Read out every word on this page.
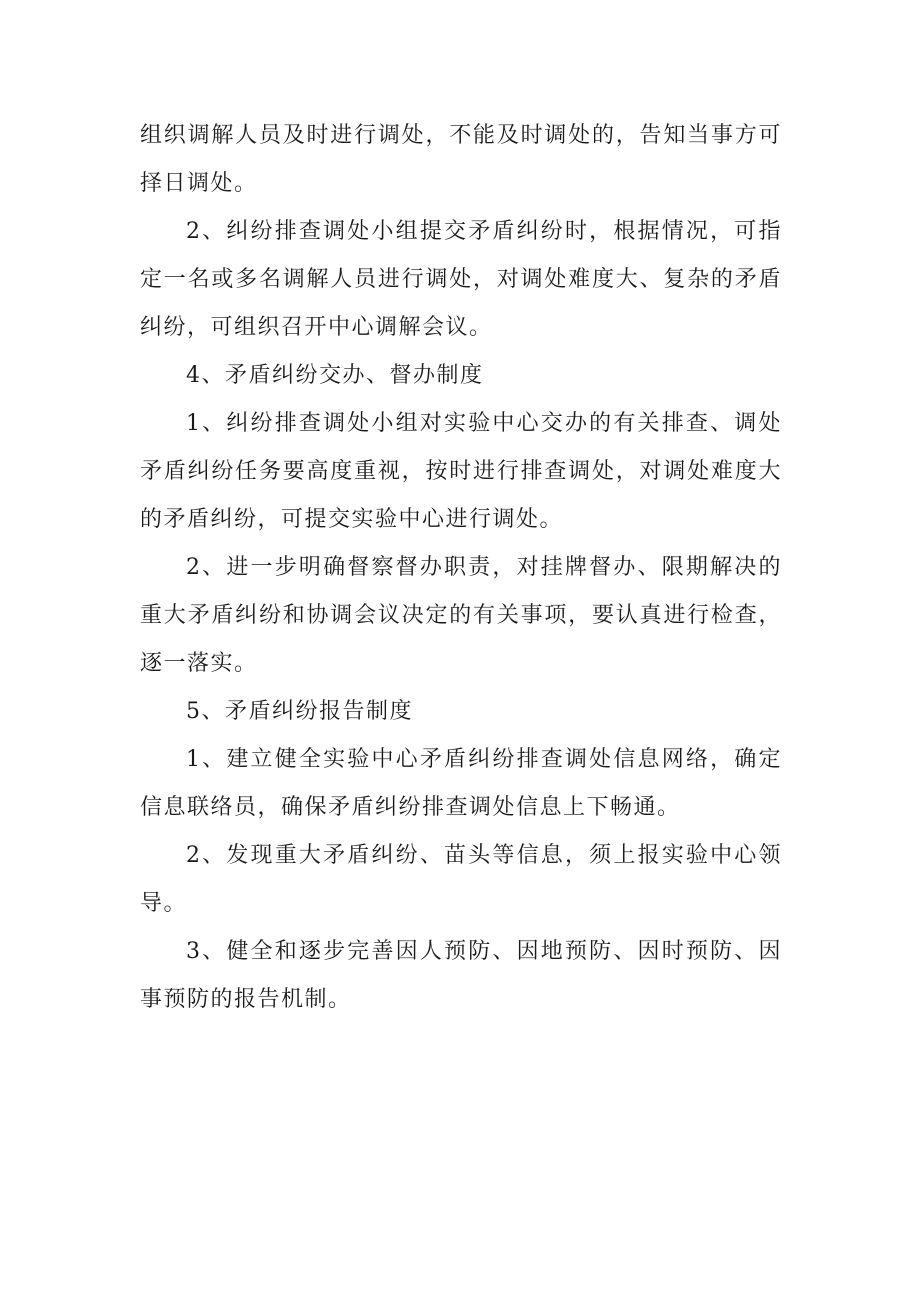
组织调解人员及时进行调处，不能及时调处的，告知当事方可择日调处。

2、纠纷排查调处小组提交矛盾纠纷时，根据情况，可指定一名或多名调解人员进行调处，对调处难度大、复杂的矛盾纠纷，可组织召开中心调解会议。

4、矛盾纠纷交办、督办制度

1、纠纷排查调处小组对实验中心交办的有关排查、调处矛盾纠纷任务要高度重视，按时进行排查调处，对调处难度大的矛盾纠纷，可提交实验中心进行调处。

2、进一步明确督察督办职责，对挂牌督办、限期解决的重大矛盾纠纷和协调会议决定的有关事项，要认真进行检查，逐一落实。

5、矛盾纠纷报告制度

1、建立健全实验中心矛盾纠纷排查调处信息网络，确定信息联络员，确保矛盾纠纷排查调处信息上下畅通。

2、发现重大矛盾纠纷、苗头等信息，须上报实验中心领导。

3、健全和逐步完善因人预防、因地预防、因时预防、因事预防的报告机制。
